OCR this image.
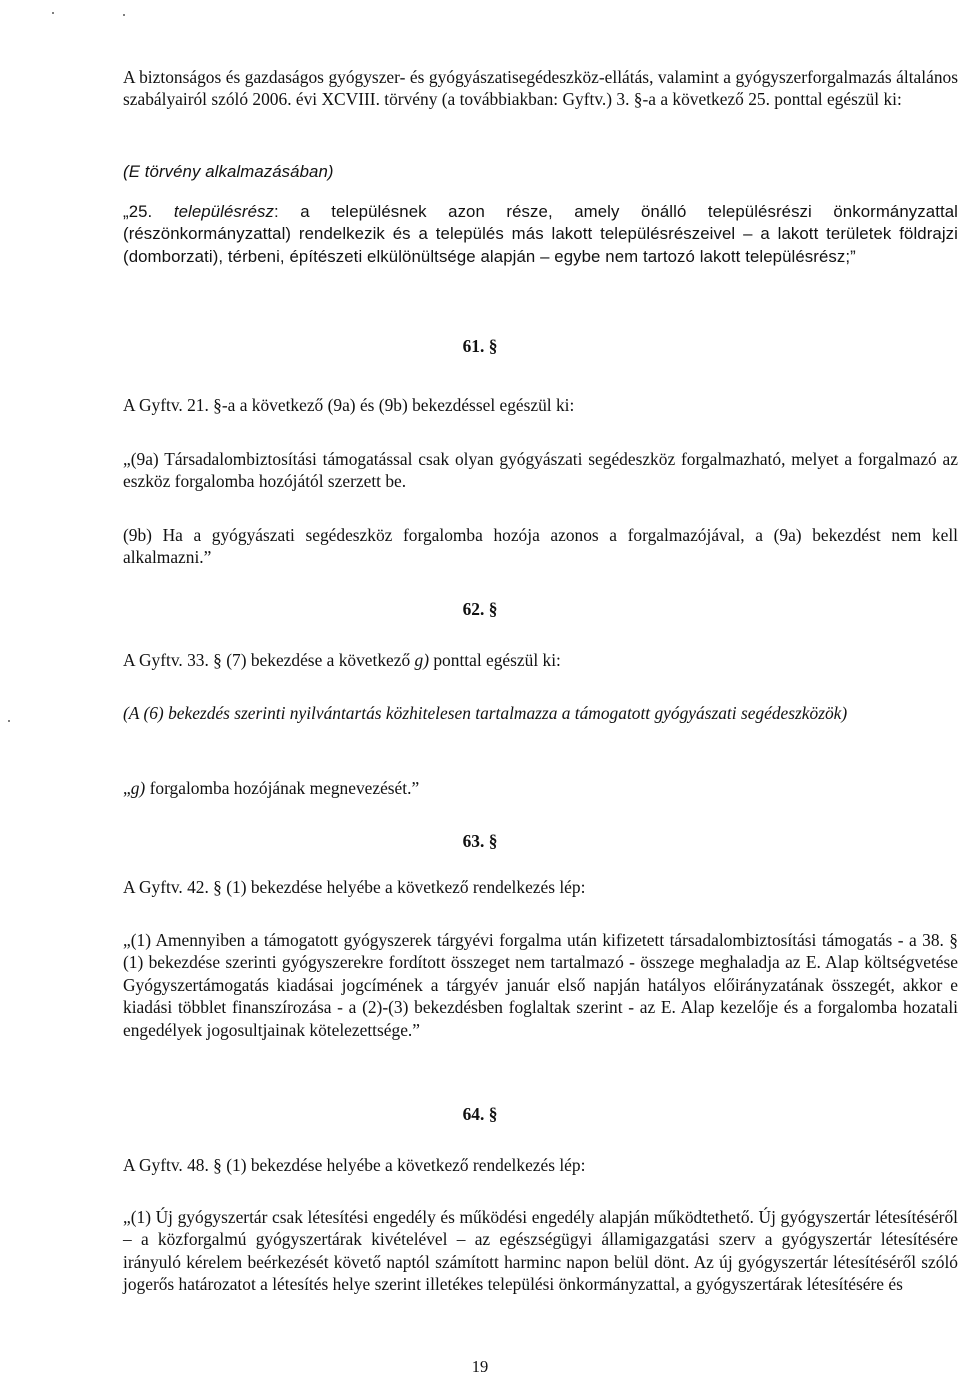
A biztonságos és gazdaságos gyógyszer- és gyógyászatisegédeszköz-ellátás, valamint a gyógyszerforgalmazás általános szabályairól szóló 2006. évi XCVIII. törvény (a továbbiakban: Gyftv.) 3. §-a a következő 25. ponttal egészül ki:

(E törvény alkalmazásában)

„25. településrész: a településnek azon része, amely önálló településrészi önkormányzattal (részönkormányzattal) rendelkezik és a település más lakott településrészeivel – a lakott területek földrajzi (domborzati), térbeni, építészeti elkülönültsége alapján – egybe nem tartozó lakott településrész;”

61. §

A Gyftv. 21. §-a a következő (9a) és (9b) bekezdéssel egészül ki:

„(9a) Társadalombiztosítási támogatással csak olyan gyógyászati segédeszköz forgalmazható, melyet a forgalmazó az eszköz forgalomba hozójától szerzett be.

(9b) Ha a gyógyászati segédeszköz forgalomba hozója azonos a forgalmazójával, a (9a) bekezdést nem kell alkalmazni.”

62. §

A Gyftv. 33. § (7) bekezdése a következő g) ponttal egészül ki:

(A (6) bekezdés szerinti nyilvántartás közhitelesen tartalmazza a támogatott gyógyászati segédeszközök)

„g) forgalomba hozójának megnevezését.”

63. §

A Gyftv. 42. § (1) bekezdése helyébe a következő rendelkezés lép:

„(1) Amennyiben a támogatott gyógyszerek tárgyévi forgalma után kifizetett társadalombiztosítási támogatás - a 38. § (1) bekezdése szerinti gyógyszerekre fordított összeget nem tartalmazó - összege meghaladja az E. Alap költségvetése Gyógyszertámogatás kiadásai jogcímének a tárgyév január első napján hatályos előirányzatának összegét, akkor e kiadási többlet finanszírozása - a (2)-(3) bekezdésben foglaltak szerint - az E. Alap kezelője és a forgalomba hozatali engedélyek jogosultjainak kötelezettsége.”

64. §

A Gyftv. 48. § (1) bekezdése helyébe a következő rendelkezés lép:

„(1) Új gyógyszertár csak létesítési engedély és működési engedély alapján működtethető. Új gyógyszertár létesítéséről – a közforgalmú gyógyszertárak kivételével – az egészségügyi államigazgatási szerv a gyógyszertár létesítésére irányuló kérelem beérkezését követő naptól számított harminc napon belül dönt. Az új gyógyszertár létesítéséről szóló jogerős határozatot a létesítés helye szerint illetékes települési önkormányzattal, a gyógyszertárak létesítésére és

19
